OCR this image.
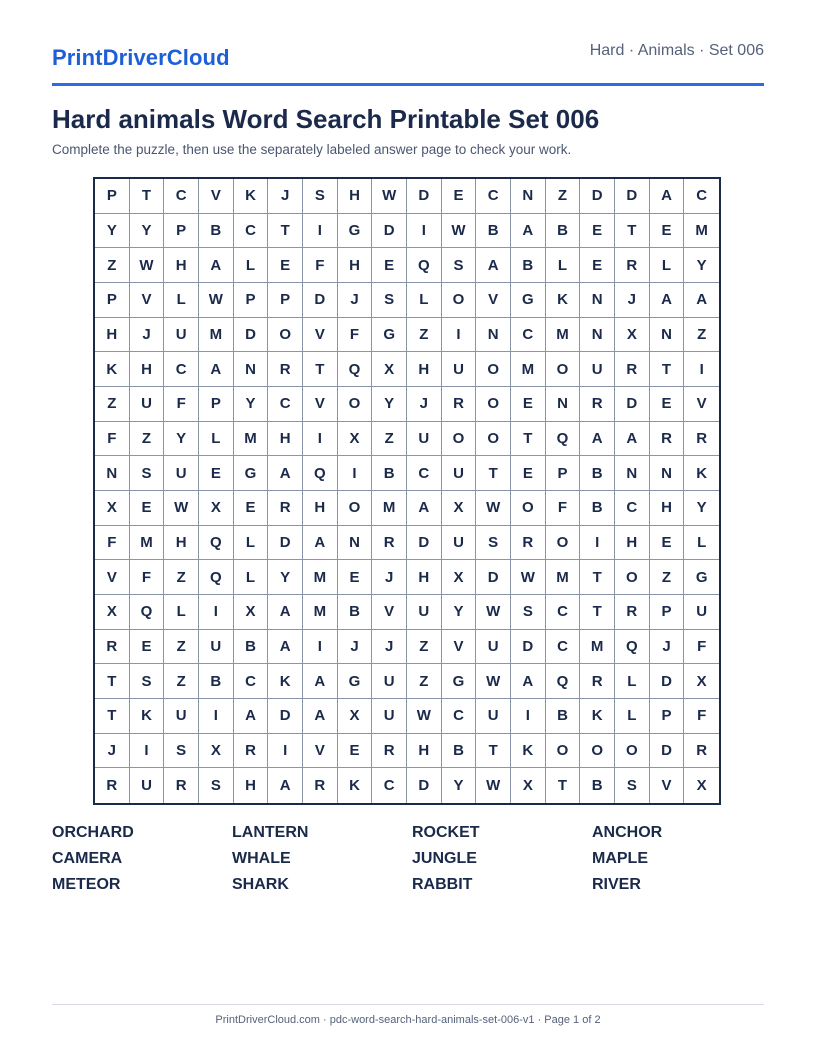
PrintDriverCloud	Hard · Animals · Set 006
Hard animals Word Search Printable Set 006
Complete the puzzle, then use the separately labeled answer page to check your work.
P	T	C	V	K	J	S	H	W	D	E	C	N	Z	D	D	A	C
Y	Y	P	B	C	T	I	G	D	I	W	B	A	B	E	T	E	M
Z	W	H	A	L	E	F	H	E	Q	S	A	B	L	E	R	L	Y
P	V	L	W	P	P	D	J	S	L	O	V	G	K	N	J	A	A
H	J	U	M	D	O	V	F	G	Z	I	N	C	M	N	X	N	Z
K	H	C	A	N	R	T	Q	X	H	U	O	M	O	U	R	T	I
Z	U	F	P	Y	C	V	O	Y	J	R	O	E	N	R	D	E	V
F	Z	Y	L	M	H	I	X	Z	U	O	O	T	Q	A	A	R	R
N	S	U	E	G	A	Q	I	B	C	U	T	E	P	B	N	N	K
X	E	W	X	E	R	H	O	M	A	X	W	O	F	B	C	H	Y
F	M	H	Q	L	D	A	N	R	D	U	S	R	O	I	H	E	L
V	F	Z	Q	L	Y	M	E	J	H	X	D	W	M	T	O	Z	G
X	Q	L	I	X	A	M	B	V	U	Y	W	S	C	T	R	P	U
R	E	Z	U	B	A	I	J	J	Z	V	U	D	C	M	Q	J	F
T	S	Z	B	C	K	A	G	U	Z	G	W	A	Q	R	L	D	X
T	K	U	I	A	D	A	X	U	W	C	U	I	B	K	L	P	F
J	I	S	X	R	I	V	E	R	H	B	T	K	O	O	O	D	R
R	U	R	S	H	A	R	K	C	D	Y	W	X	T	B	S	V	X
ORCHARD	LANTERN	ROCKET	ANCHOR
CAMERA	WHALE	JUNGLE	MAPLE
METEOR	SHARK	RABBIT	RIVER
PrintDriverCloud.com · pdc-word-search-hard-animals-set-006-v1 · Page 1 of 2
